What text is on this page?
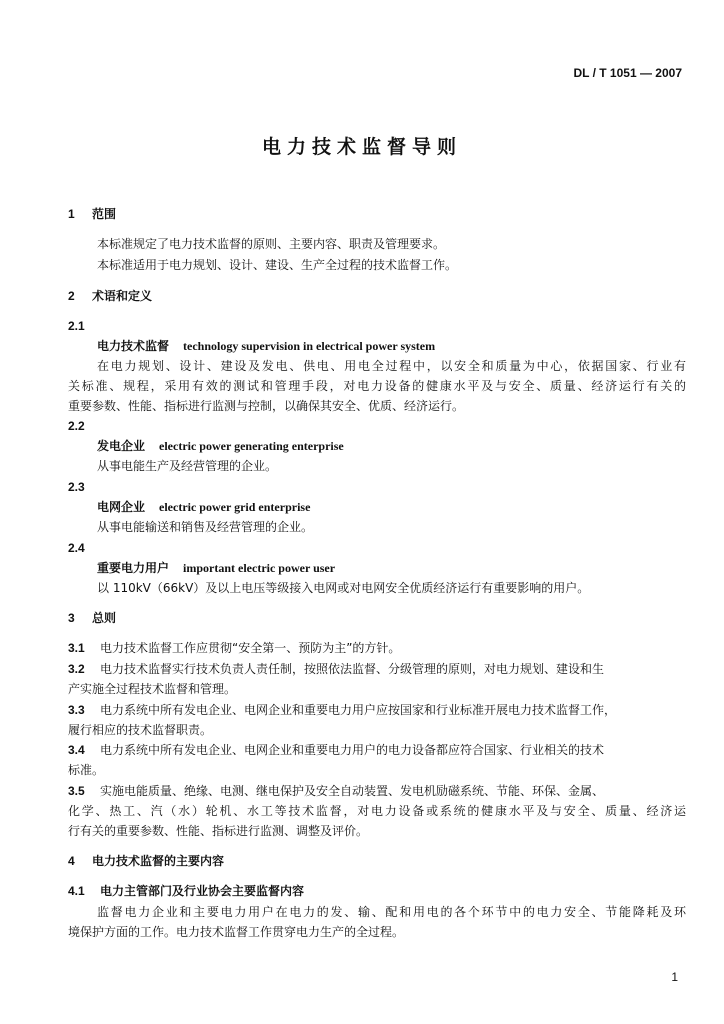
DL / T 1051 — 2007
电力技术监督导则
1 范围
本标准规定了电力技术监督的原则、主要内容、职责及管理要求。
本标准适用于电力规划、设计、建设、生产全过程的技术监督工作。
2 术语和定义
2.1
电力技术监督 technology supervision in electrical power system
在电力规划、设计、建设及发电、供电、用电全过程中，以安全和质量为中心，依据国家、行业有
关标准、规程，采用有效的测试和管理手段，对电力设备的健康水平及与安全、质量、经济运行有关的
重要参数、性能、指标进行监测与控制，以确保其安全、优质、经济运行。
2.2
发电企业 electric power generating enterprise
从事电能生产及经营管理的企业。
2.3
电网企业 electric power grid enterprise
从事电能输送和销售及经营管理的企业。
2.4
重要电力用户 important electric power user
以 110kV（66kV）及以上电压等级接入电网或对电网安全优质经济运行有重要影响的用户。
3 总则
3.1 电力技术监督工作应贯彻“安全第一、预防为主”的方针。
3.2 电力技术监督实行技术负责人责任制，按照依法监督、分级管理的原则，对电力规划、建设和生
产实施全过程技术监督和管理。
3.3 电力系统中所有发电企业、电网企业和重要电力用户应按国家和行业标准开展电力技术监督工作，
履行相应的技术监督职责。
3.4 电力系统中所有发电企业、电网企业和重要电力用户的电力设备都应符合国家、行业相关的技术
标准。
3.5 实施电能质量、绝缘、电测、继电保护及安全自动装置、发电机励磁系统、节能、环保、金属、
化学、热工、汽（水）轮机、水工等技术监督，对电力设备或系统的健康水平及与安全、质量、经济运
行有关的重要参数、性能、指标进行监测、调整及评价。
4 电力技术监督的主要内容
4.1 电力主管部门及行业协会主要监督内容
监督电力企业和主要电力用户在电力的发、输、配和用电的各个环节中的电力安全、节能降耗及环
境保护方面的工作。电力技术监督工作贯穿电力生产的全过程。
1
